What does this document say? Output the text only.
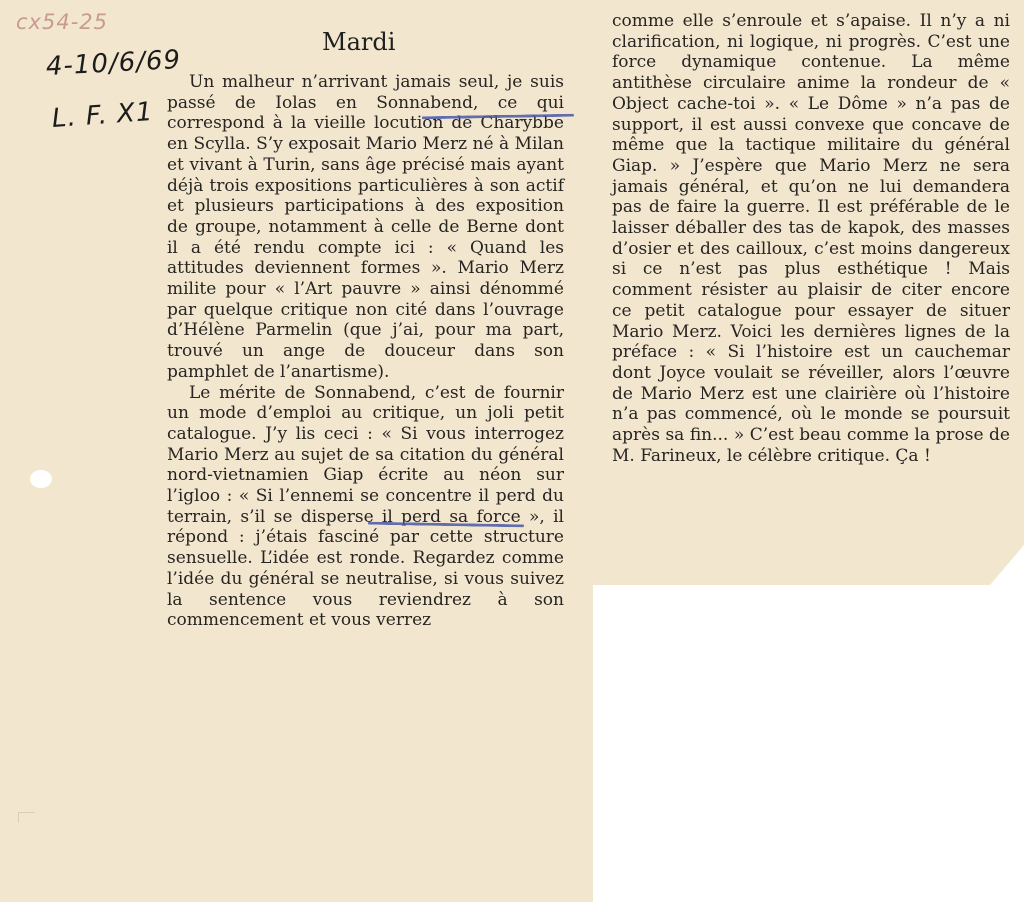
cx54-25
4-10/6/69
L. F. X1
Mardi

Un malheur n’arrivant jamais seul, je suis passé de Iolas en Sonnabend, ce qui correspond à la vieille locution de Charybbe en Scylla. S’y exposait Mario Merz né à Milan et vivant à Turin, sans âge précisé mais ayant déjà trois expositions particulières à son actif et plusieurs participations à des exposition de groupe, notamment à celle de Berne dont il a été rendu compte ici : « Quand les attitudes deviennent formes ». Mario Merz milite pour « l’Art pauvre » ainsi dénommé par quelque critique non cité dans l’ouvrage d’Hélène Parmelin (que j’ai, pour ma part, trouvé un ange de douceur dans son pamphlet de l’anartisme).

Le mérite de Sonnabend, c’est de fournir un mode d’emploi au critique, un joli petit catalogue. J’y lis ceci : « Si vous interrogez Mario Merz au sujet de sa citation du général nord-vietnamien Giap écrite au néon sur l’igloo : « Si l’ennemi se concentre il perd du terrain, s’il se disperse il perd sa force », il répond : j’étais fasciné par cette structure sensuelle. L’idée est ronde. Regardez comme l’idée du général se neutralise, si vous suivez la sentence vous reviendrez à son commencement et vous verrez

comme elle s’enroule et s’apaise. Il n’y a ni clarification, ni logique, ni progrès. C’est une force dynamique contenue. La même antithèse circulaire anime la rondeur de « Object cache-toi ». « Le Dôme » n’a pas de support, il est aussi convexe que concave de même que la tactique militaire du général Giap. » J’espère que Mario Merz ne sera jamais général, et qu’on ne lui demandera pas de faire la guerre. Il est préférable de le laisser déballer des tas de kapok, des masses d’osier et des cailloux, c’est moins dangereux si ce n’est pas plus esthétique ! Mais comment résister au plaisir de citer encore ce petit catalogue pour essayer de situer Mario Merz. Voici les dernières lignes de la préface : « Si l’histoire est un cauchemar dont Joyce voulait se réveiller, alors l’œuvre de Mario Merz est une clairière où l’histoire n’a pas commencé, où le monde se poursuit après sa fin... » C’est beau comme la prose de M. Farineux, le célèbre critique. Ça !
